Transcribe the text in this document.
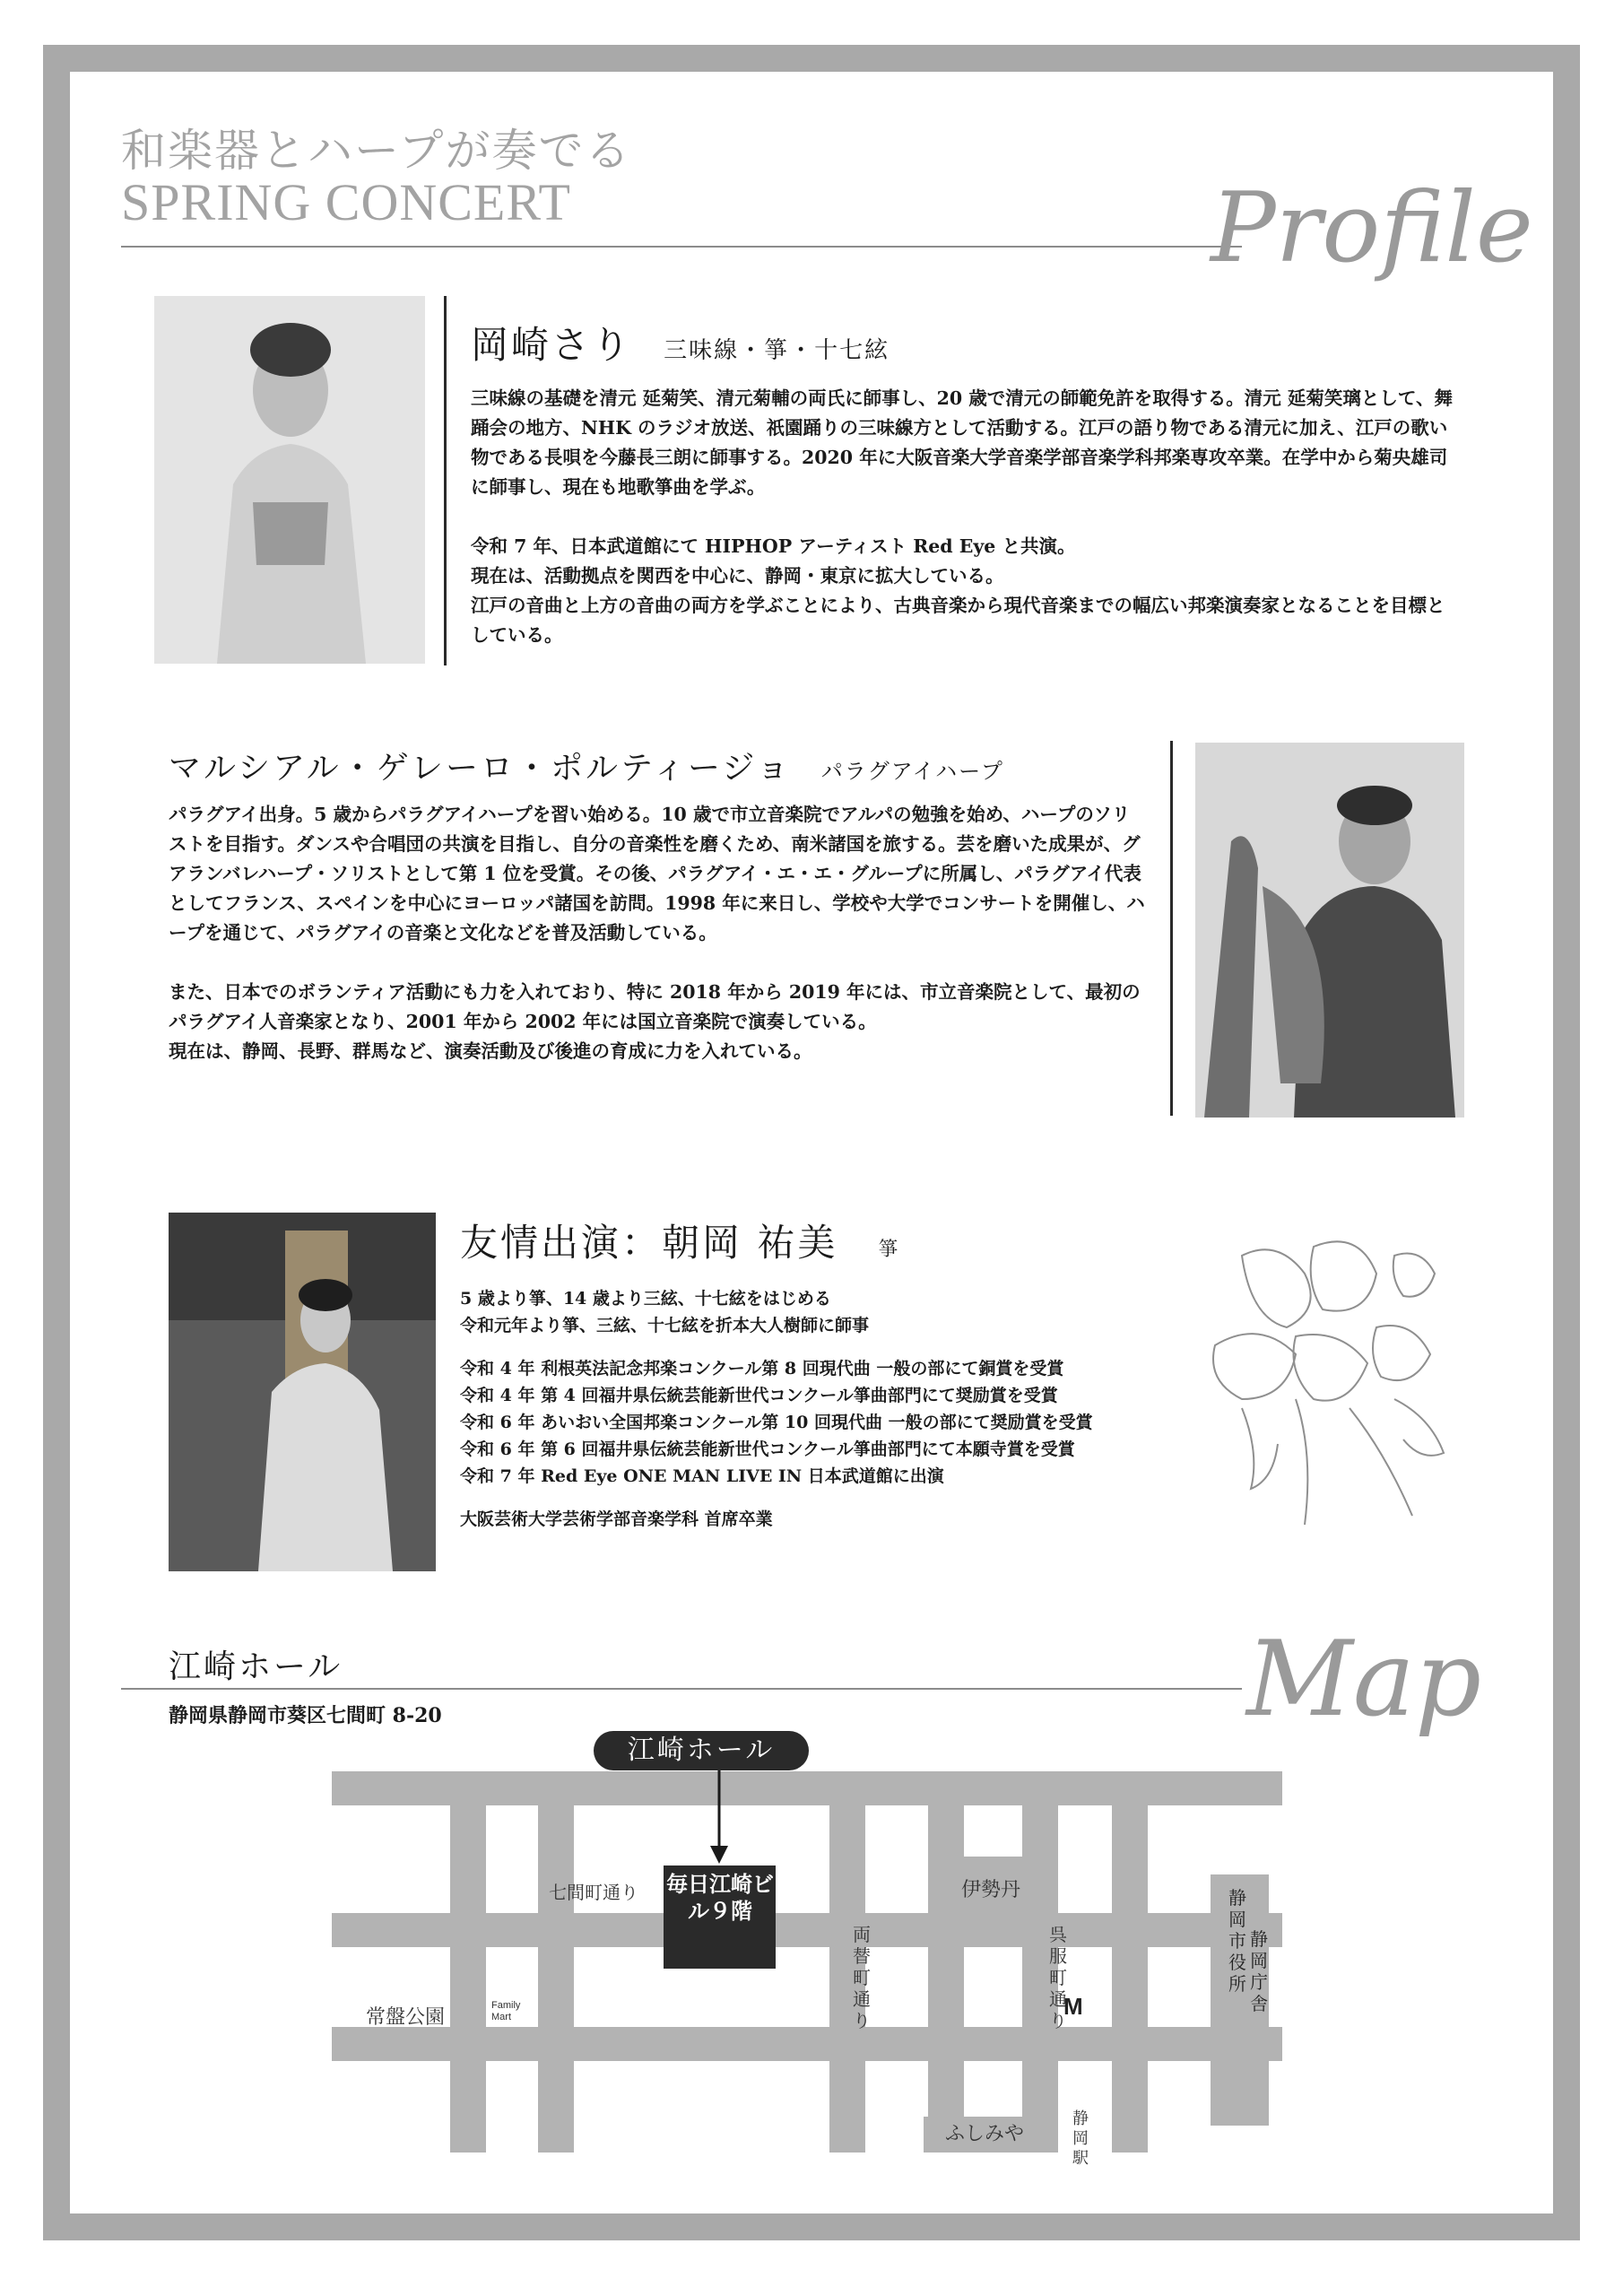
和楽器とハープが奏でる
SPRING CONCERT	Profile
岡崎さり 三味線・箏・十七絃

三味線の基礎を清元 延菊笑、清元菊輔の両氏に師事し、20 歳で清元の師範免許を取得する。清元 延菊笑璃として、舞踊会の地方、NHK のラジオ放送、祇園踊りの三味線方として活動する。江戸の語り物である清元に加え、江戸の歌い物である長唄を今藤長三朗に師事する。2020 年に大阪音楽大学音楽学部音楽学科邦楽専攻卒業。在学中から菊央雄司に師事し、現在も地歌箏曲を学ぶ。

令和 7 年、日本武道館にて HIPHOP アーティスト Red Eye と共演。

現在は、活動拠点を関西を中心に、静岡・東京に拡大している。

江戸の音曲と上方の音曲の両方を学ぶことにより、古典音楽から現代音楽までの幅広い邦楽演奏家となることを目標としている。

マルシアル・ゲレーロ・ポルティージョ パラグアイハープ

パラグアイ出身。5 歳からパラグアイハープを習い始める。10 歳で市立音楽院でアルパの勉強を始め、ハープのソリストを目指す。ダンスや合唱団の共演を目指し、自分の音楽性を磨くため、南米諸国を旅する。芸を磨いた成果が、グアランバレハープ・ソリストとして第 1 位を受賞。その後、パラグアイ・エ・エ・グループに所属し、パラグアイ代表としてフランス、スペインを中心にヨーロッパ諸国を訪問。1998 年に来日し、学校や大学でコンサートを開催し、ハープを通じて、パラグアイの音楽と文化などを普及活動している。

また、日本でのボランティア活動にも力を入れており、特に 2018 年から 2019 年には、市立音楽院として、最初のパラグアイ人音楽家となり、2001 年から 2002 年には国立音楽院で演奏している。

現在は、静岡、長野、群馬など、演奏活動及び後進の育成に力を入れている。

友情出演：朝岡 祐美 箏

5 歳より箏、14 歳より三絃、十七絃をはじめる

令和元年より箏、三絃、十七絃を折本大人樹師に師事

令和 4 年 利根英法記念邦楽コンクール第 8 回現代曲 一般の部にて銅賞を受賞

令和 4 年 第 4 回福井県伝統芸能新世代コンクール箏曲部門にて奨励賞を受賞

令和 6 年 あいおい全国邦楽コンクール第 10 回現代曲 一般の部にて奨励賞を受賞

令和 6 年 第 6 回福井県伝統芸能新世代コンクール箏曲部門にて本願寺賞を受賞

令和 7 年 Red Eye ONE MAN LIVE IN 日本武道館に出演

大阪芸術大学芸術学部音楽学科 首席卒業

江崎ホール
静岡県静岡市葵区七間町 8-20	Map
江崎ホール
毎日江崎ビル９階
七間町通り
両替町通り
呉服町通り
伊勢丹
常盤公園
Family Mart
ふしみや
静岡駅
静岡市役所
静岡庁舎
M
